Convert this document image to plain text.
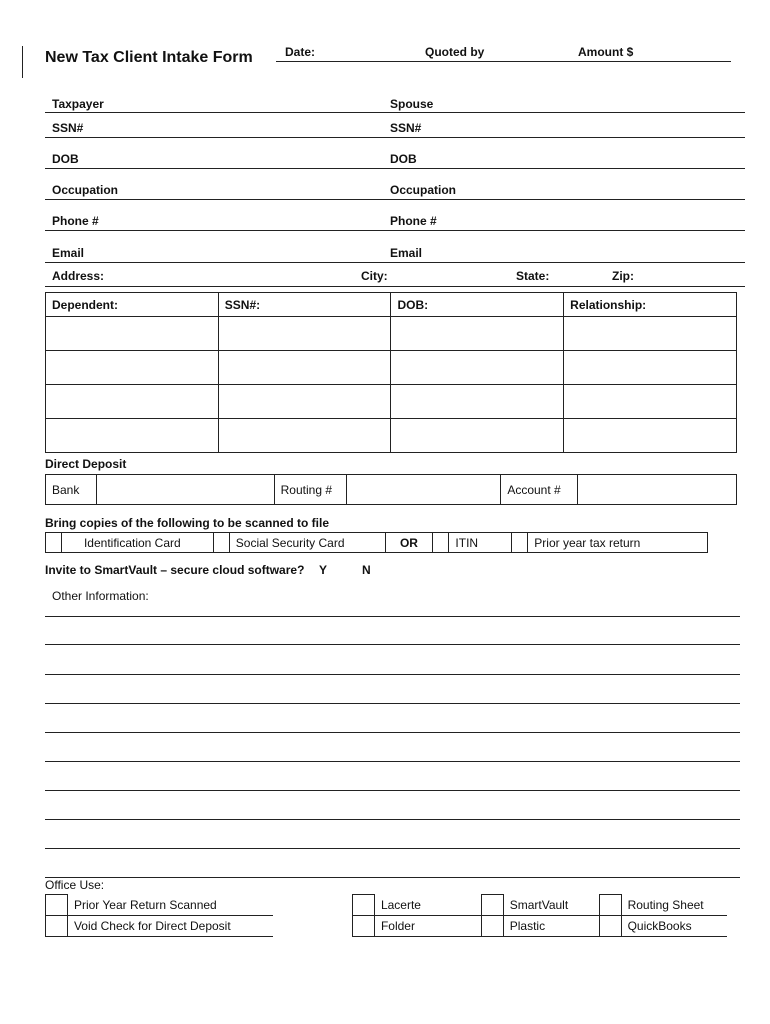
New Tax Client Intake Form	Date:	Quoted by	Amount $
Taxpayer	Spouse
SSN#	SSN#
DOB	DOB
Occupation	Occupation
Phone #	Phone #
Email	Email
Address:	City:	State:	Zip:
Dependent:	SSN#:	DOB:	Relationship:

Direct Deposit
Bank		Routing #		Account #	
Bring copies of the following to be scanned to file
	Identification Card		Social Security Card	OR		ITIN		Prior year tax return
Invite to SmartVault – secure cloud software? Y	N
Other Information:
Office Use:
	Prior Year Return Scanned
	Void Check for Direct Deposit
	Lacerte		SmartVault		Routing Sheet
	Folder		Plastic		QuickBooks
